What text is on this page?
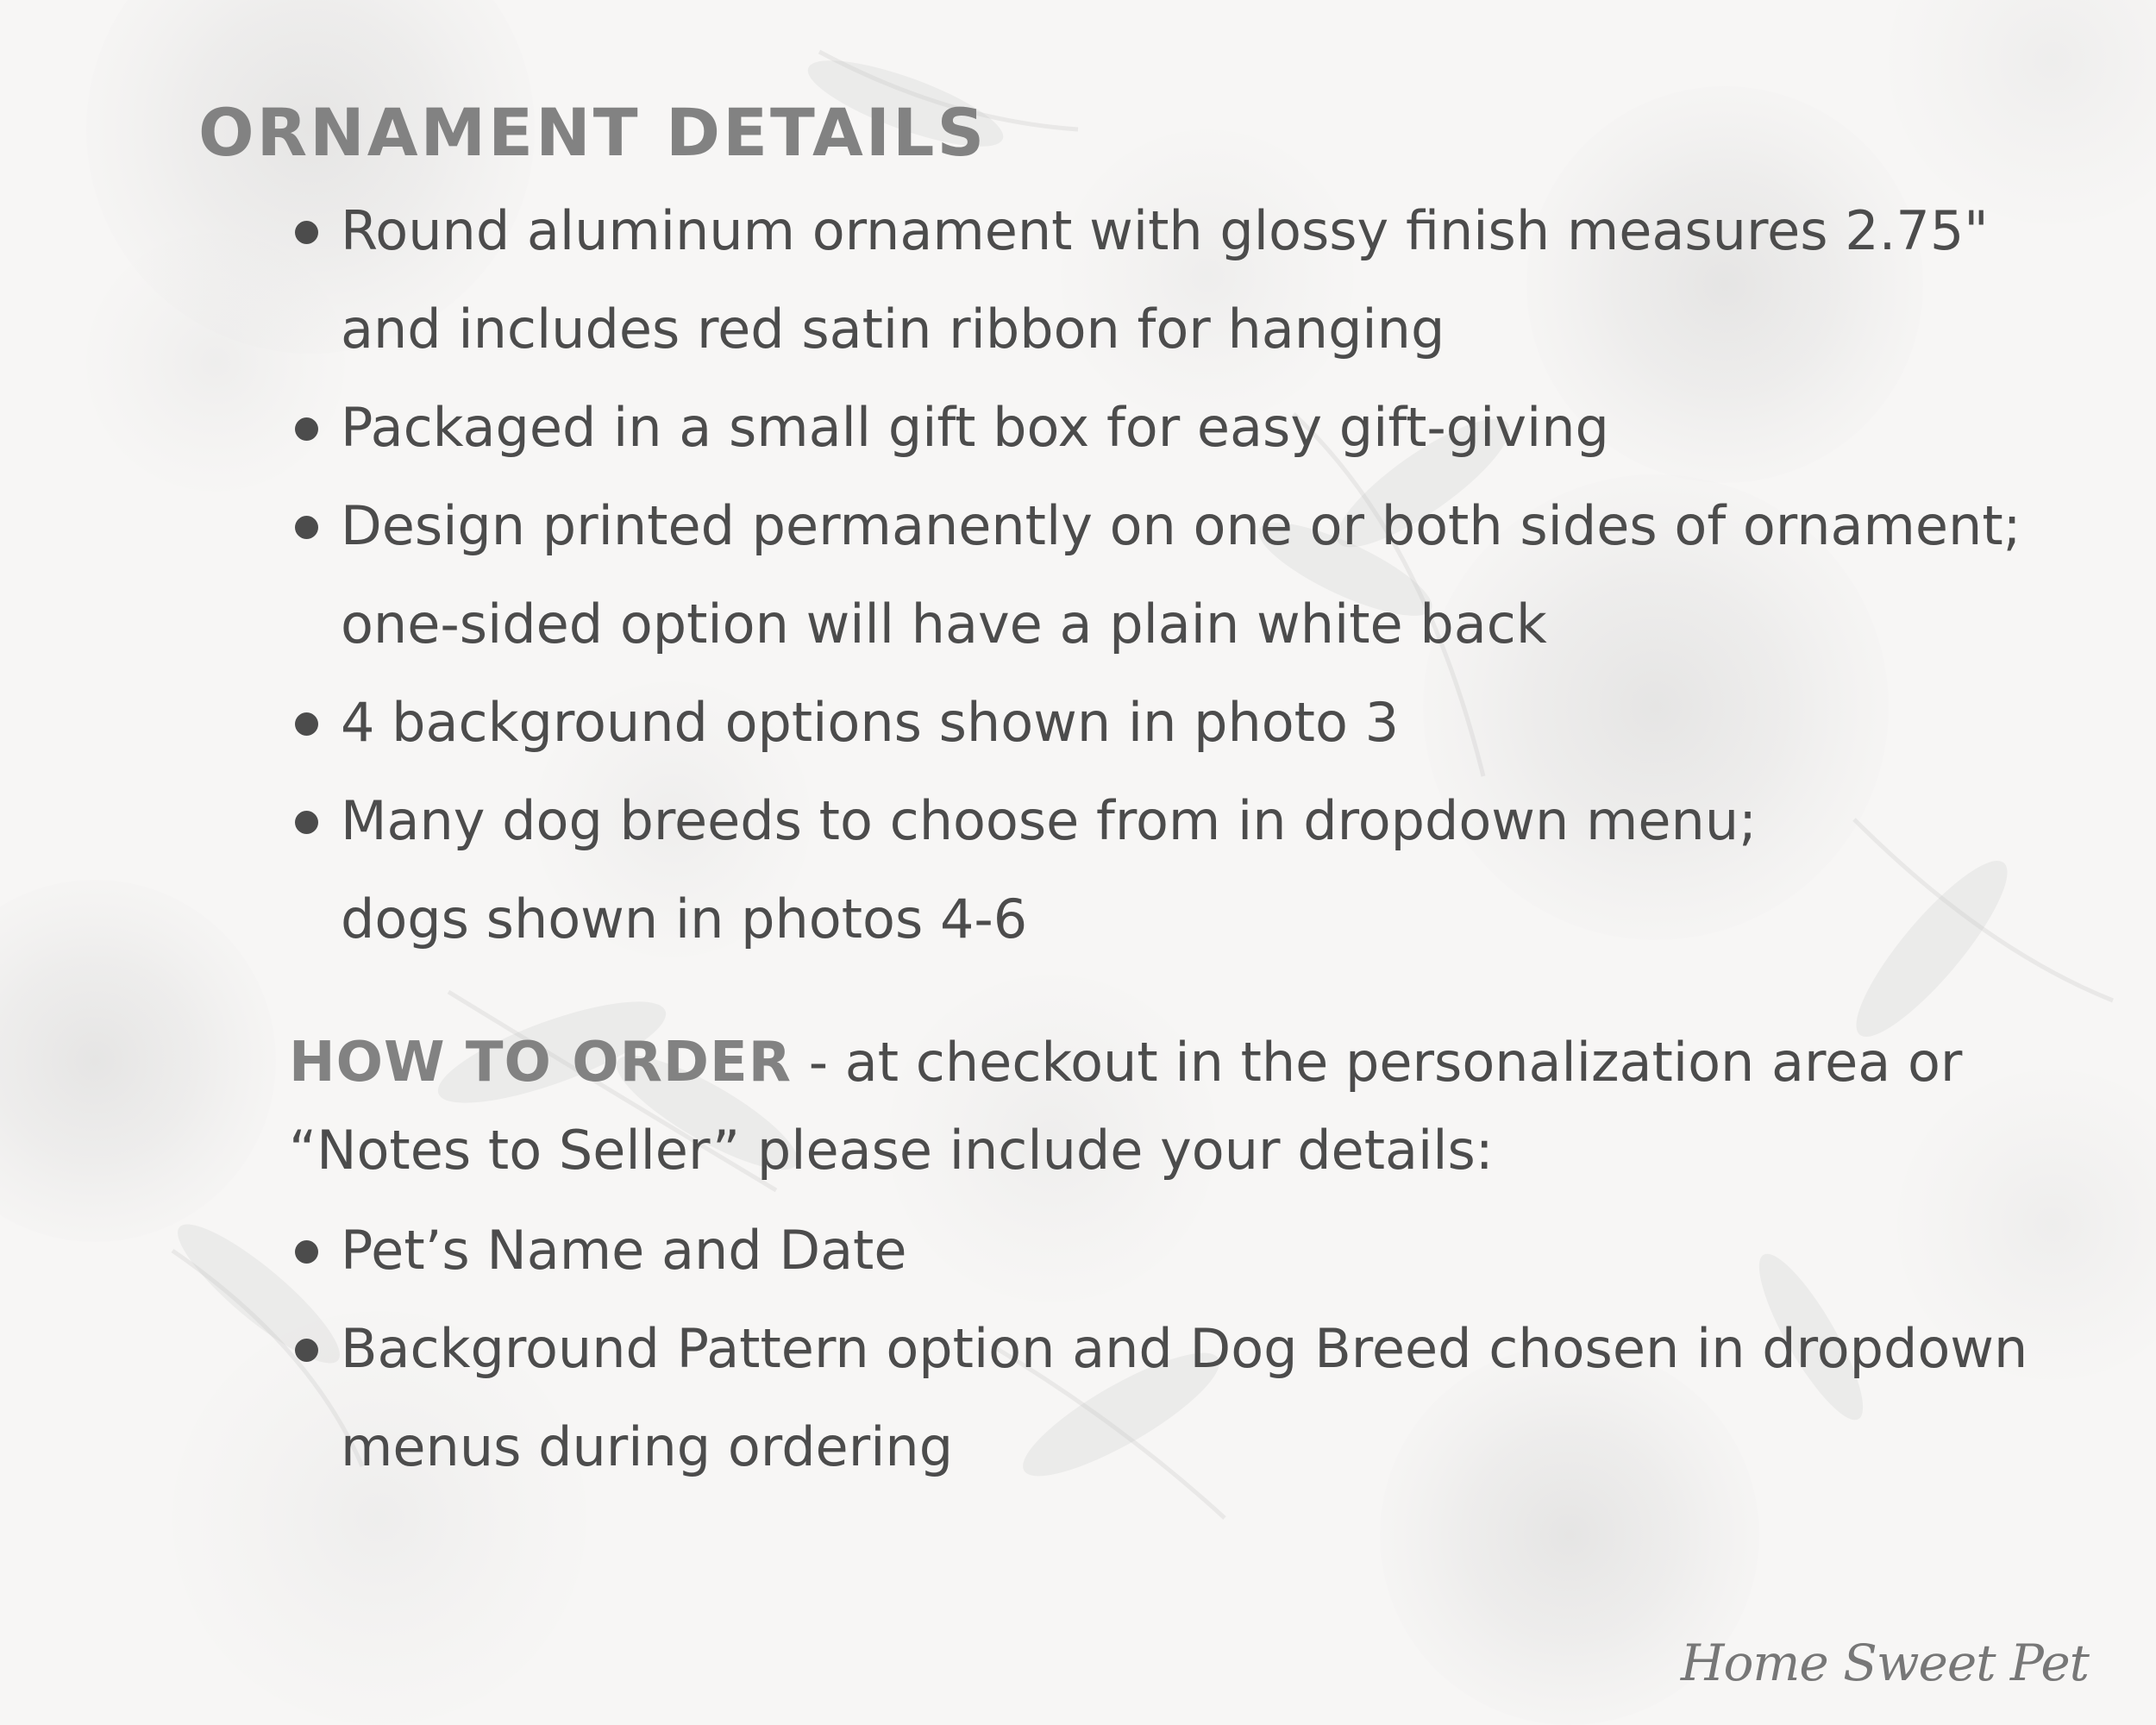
ORNAMENT DETAILS
Round aluminum ornament with glossy finish measures 2.75"
and includes red satin ribbon for hanging
Packaged in a small gift box for easy gift-giving
Design printed permanently on one or both sides of ornament;
one-sided option will have a plain white back
4 background options shown in photo 3
Many dog breeds to choose from in dropdown menu;
dogs shown in photos 4-6

HOW TO ORDER - at checkout in the personalization area or
“Notes to Seller” please include your details:

Pet’s Name and Date
Background Pattern option and Dog Breed chosen in dropdown
menus during ordering
Home Sweet Pet
